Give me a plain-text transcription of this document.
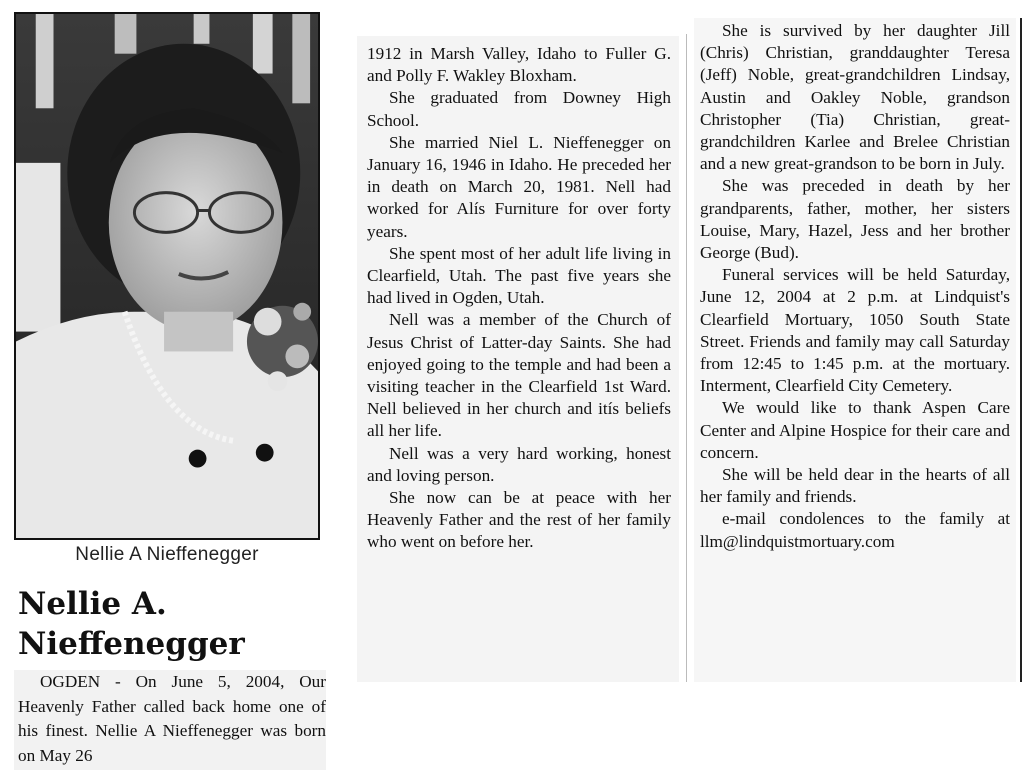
Nellie A Nieffenegger
Nellie A.
Nieffenegger

OGDEN - On June 5, 2004, Our Heavenly Father called back home one of his finest. Nellie A Nieffenegger was born on May 26

1912 in Marsh Valley, Idaho to Fuller G. and Polly F. Wakley Bloxham.

She graduated from Downey High School.

She married Niel L. Nieffenegger on January 16, 1946 in Idaho. He preceded her in death on March 20, 1981. Nell had worked for Alís Furniture for over forty years.

She spent most of her adult life living in Clearfield, Utah. The past five years she had lived in Ogden, Utah.

Nell was a member of the Church of Jesus Christ of Latter-day Saints. She had enjoyed going to the temple and had been a visiting teacher in the Clearfield 1st Ward. Nell believed in her church and itís beliefs all her life.

Nell was a very hard working, honest and loving person.

She now can be at peace with her Heavenly Father and the rest of her family who went on before her.

She is survived by her daughter Jill (Chris) Christian, granddaughter Teresa (Jeff) Noble, great-grandchildren Lindsay, Austin and Oakley Noble, grandson Christopher (Tia) Christian, great-grandchildren Karlee and Brelee Christian and a new great-grandson to be born in July.

She was preceded in death by her grandparents, father, mother, her sisters Louise, Mary, Hazel, Jess and her brother George (Bud).

Funeral services will be held Saturday, June 12, 2004 at 2 p.m. at Lindquist's Clearfield Mortuary, 1050 South State Street. Friends and family may call Saturday from 12:45 to 1:45 p.m. at the mortuary. Interment, Clearfield City Cemetery.

We would like to thank Aspen Care Center and Alpine Hospice for their care and concern.

She will be held dear in the hearts of all her family and friends.

e-mail condolences to the family at llm@lindquistmortuary.com
